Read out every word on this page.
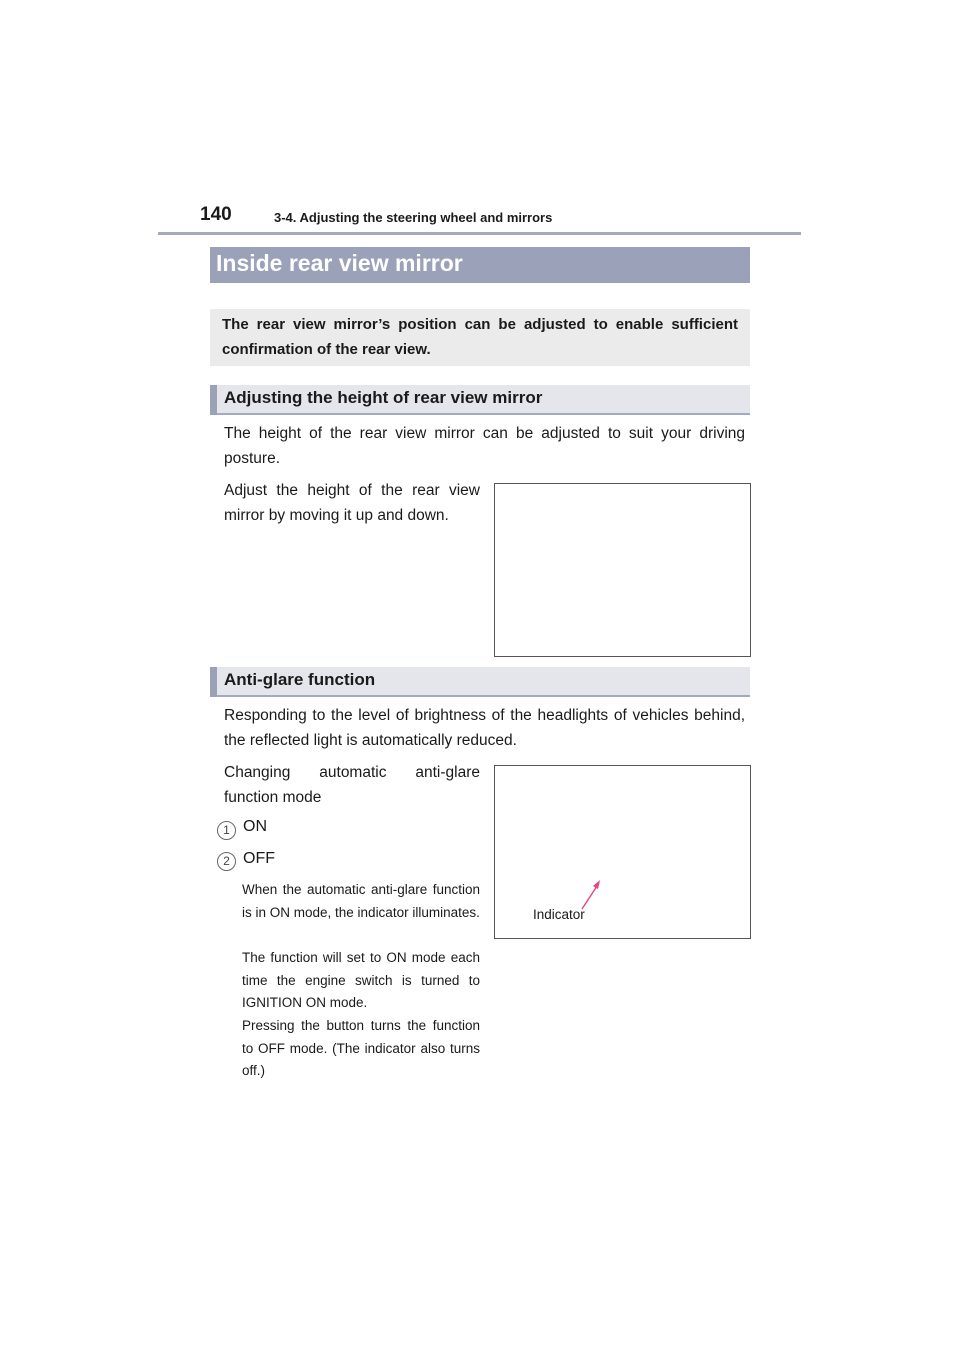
140	3-4. Adjusting the steering wheel and mirrors
Inside rear view mirror

The rear view mirror’s position can be adjusted to enable sufficient confirmation of the rear view.

Adjusting the height of rear view mirror

The height of the rear view mirror can be adjusted to suit your driving posture.

Adjust the height of the rear view mirror by moving it up and down.

Anti-glare function

Responding to the level of brightness of the headlights of vehicles behind, the reflected light is automatically reduced.

Changing automatic anti-glare function mode

1 ON
2 OFF

When the automatic anti-glare function is in ON mode, the indicator illuminates.

The function will set to ON mode each time the engine switch is turned to IGNITION ON mode.

Pressing the button turns the function to OFF mode. (The indicator also turns off.)

Indicator
